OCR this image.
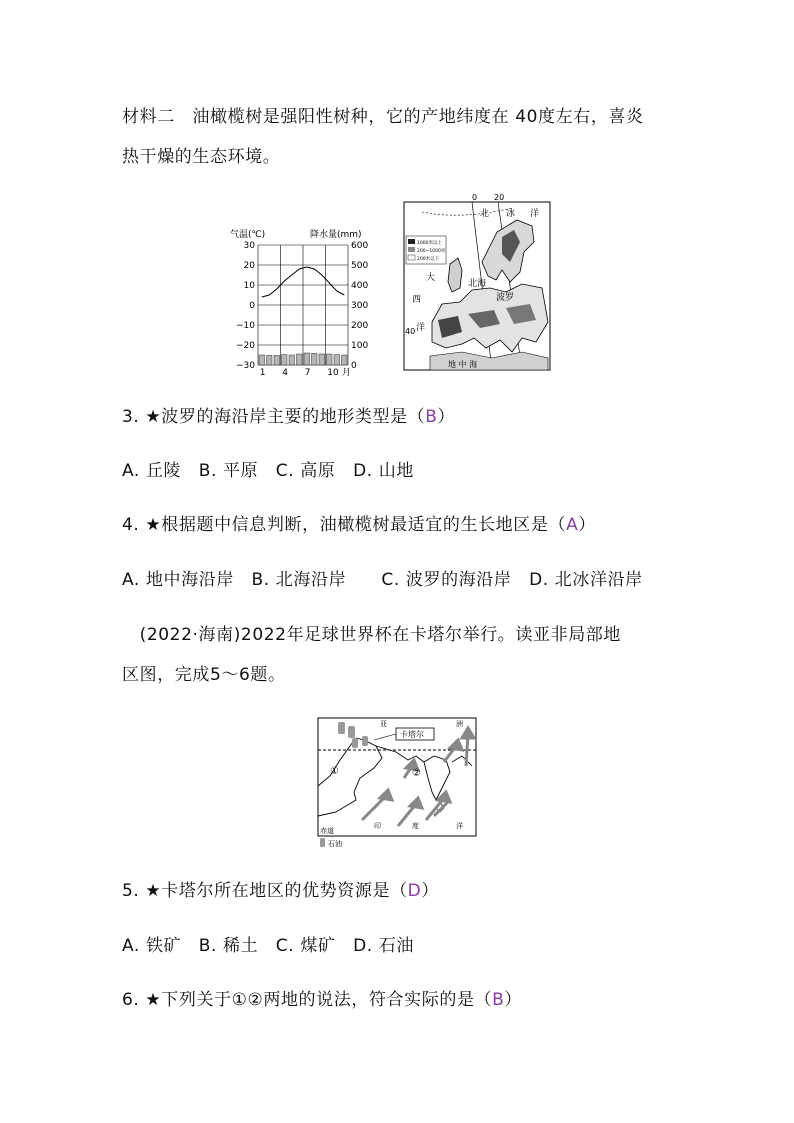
材料二　油橄榄树是强阳性树种，它的产地纬度在 40度左右，喜炎
热干燥的生态环境。
气温(℃)	降水量(mm)
30	600
20	500
10	400
0	300
−10	200
−20	100
−30	0
1 4 7 10 月
0 20
40
北 冰 洋
大
西
洋
北海
波罗
地 中 海
1000米以上
200~1000米
200米以下
3. ★波罗的海沿岸主要的地形类型是（B）
A. 丘陵　B. 平原　C. 高原　D. 山地
4. ★根据题中信息判断，油橄榄树最适宜的生长地区是（A）
A. 地中海沿岸　B. 北海沿岸　　C. 波罗的海沿岸　D. 北冰洋沿岸
　(2022·海南)2022年足球世界杯在卡塔尔举行。读亚非局部地
区图，完成5～6题。
卡塔尔
亚	洲
①	②
印	度	洋
赤道
石油
5. ★卡塔尔所在地区的优势资源是（D）
A. 铁矿　B. 稀土　C. 煤矿　D. 石油
6. ★下列关于①②两地的说法，符合实际的是（B）
